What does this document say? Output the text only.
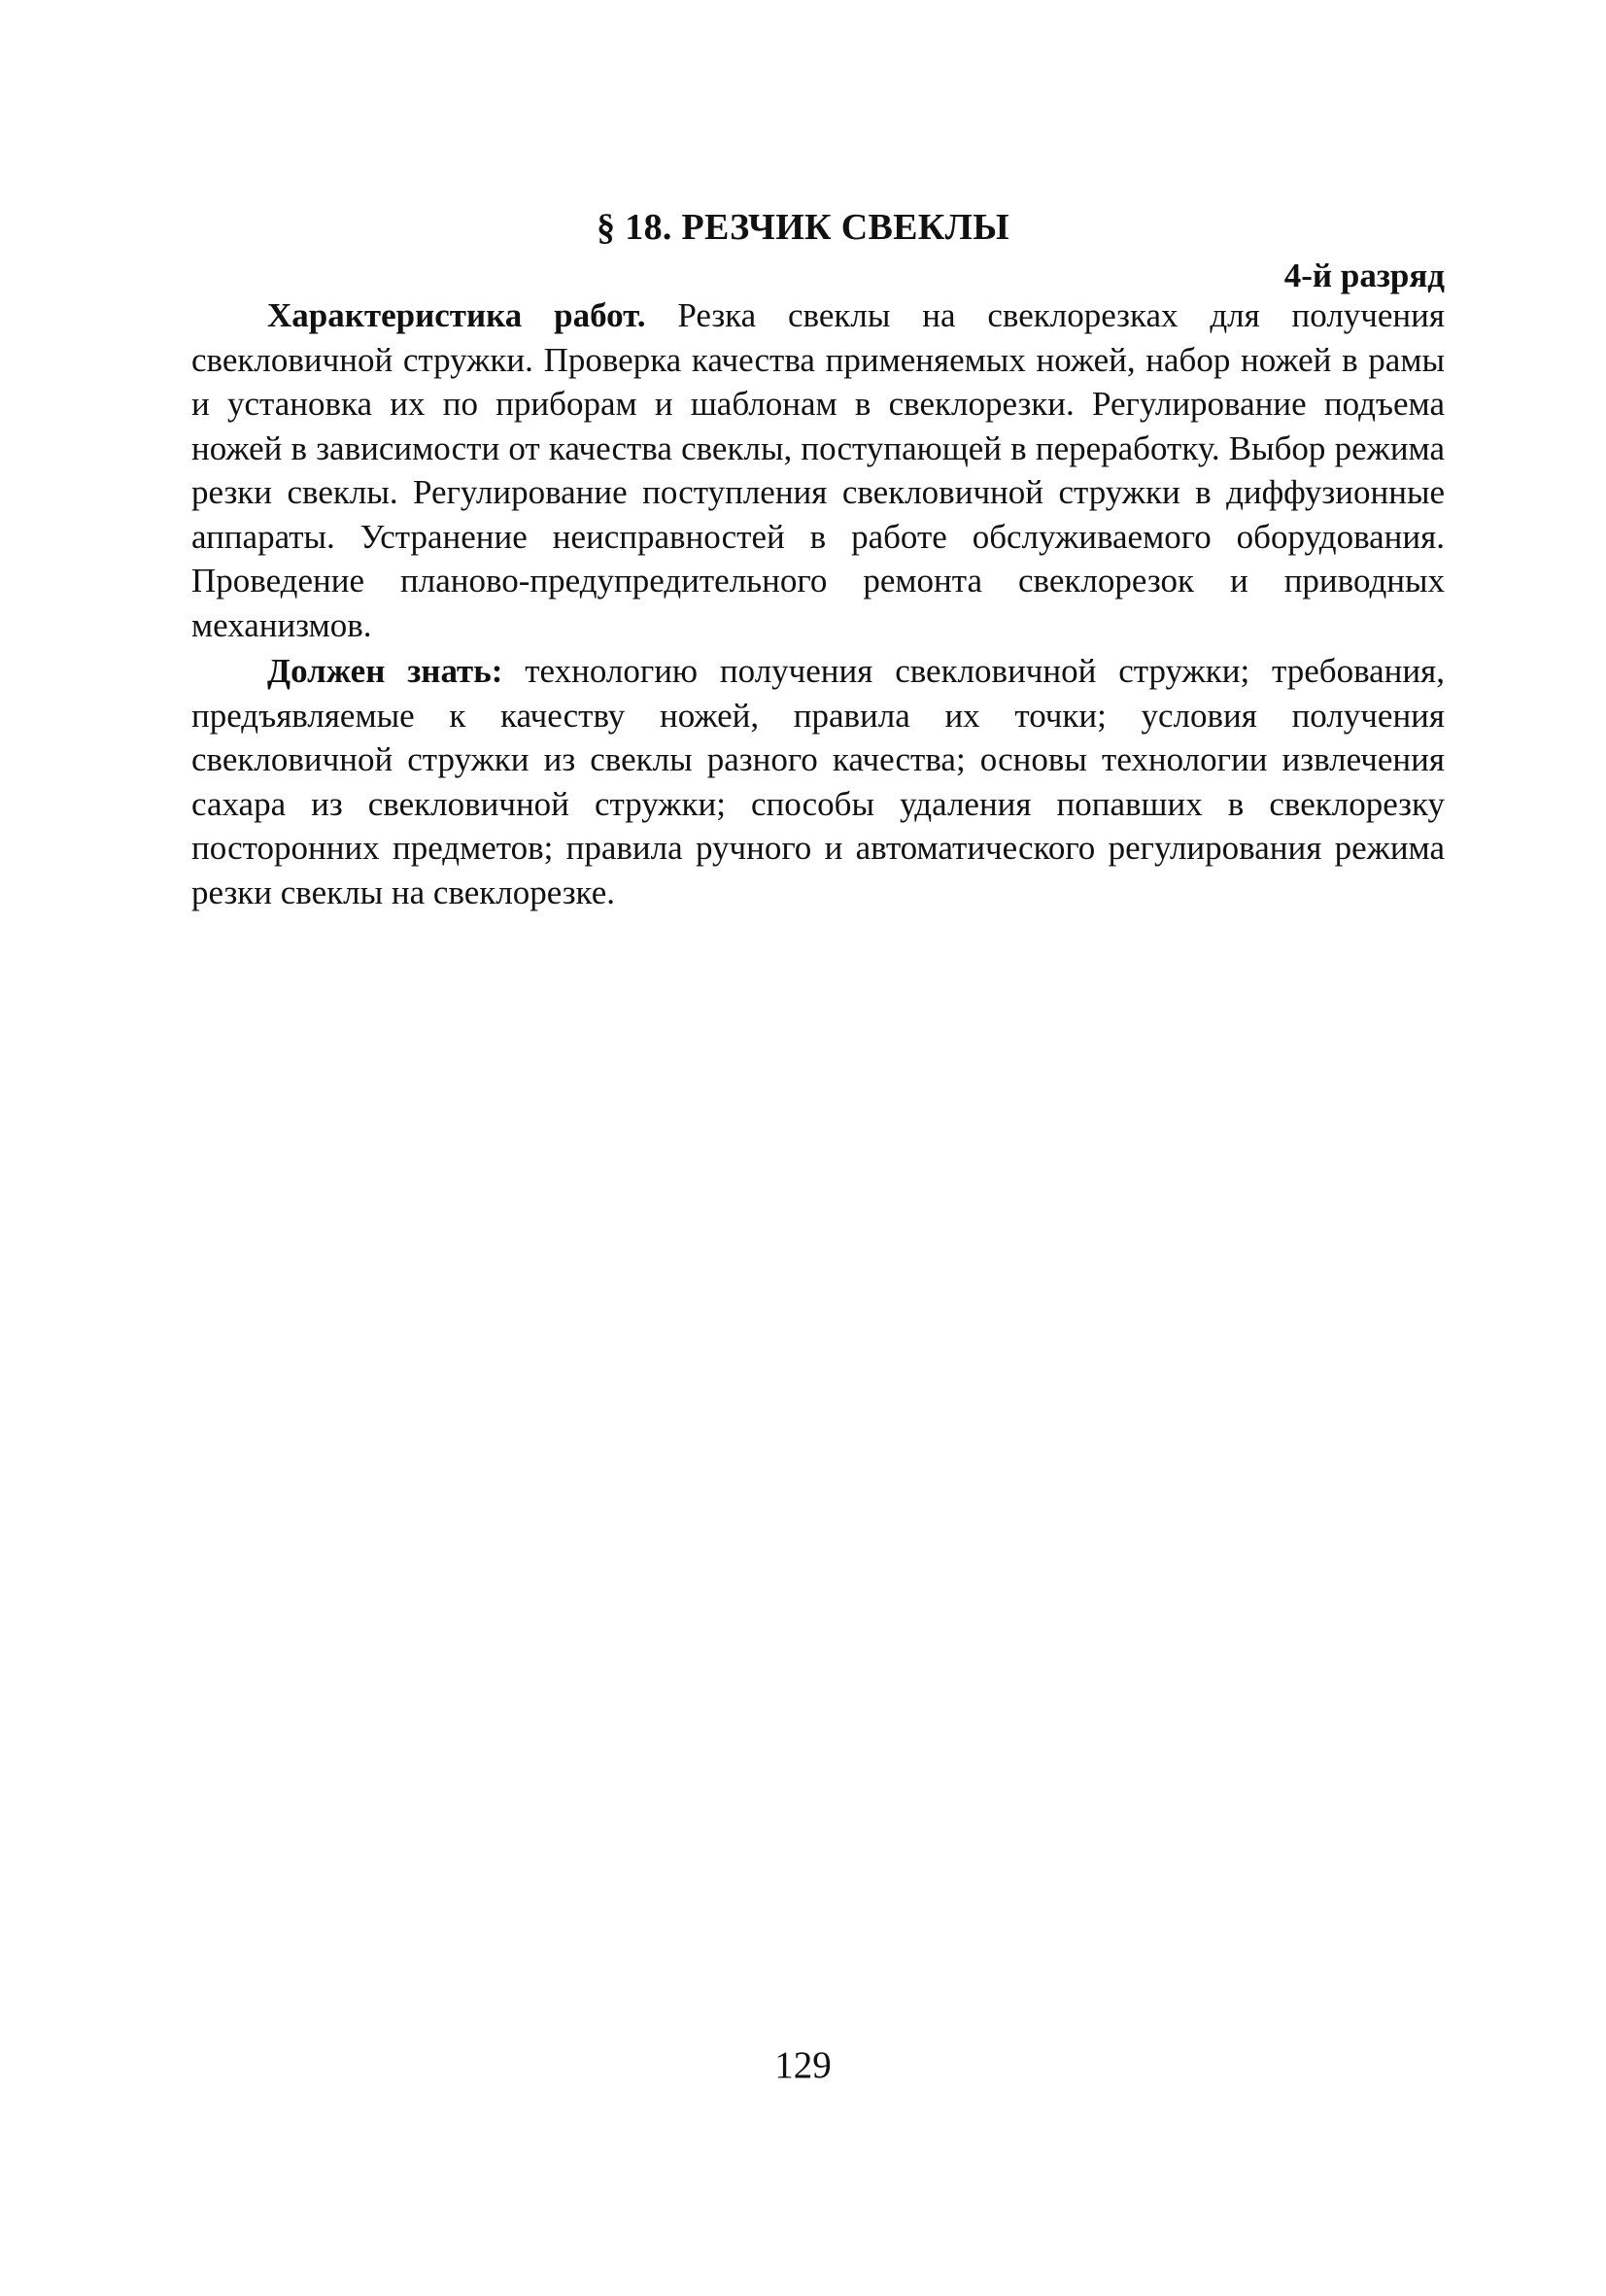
§ 18. РЕЗЧИК СВЕКЛЫ
4-й разряд

Характеристика работ. Резка свеклы на свеклорезках для получения свекловичной стружки. Проверка качества применяемых ножей, набор ножей в рамы и установка их по приборам и шаблонам в свеклорезки. Регулирование подъема ножей в зависимости от качества свеклы, поступающей в переработку. Выбор режима резки свеклы. Регулирование поступления свекловичной стружки в диффузионные аппараты. Устранение неисправностей в работе обслуживаемого оборудования. Проведение планово-предупредительного ремонта свеклорезок и приводных механизмов.

Должен знать: технологию получения свекловичной стружки; требования, предъявляемые к качеству ножей, правила их точки; условия получения свекловичной стружки из свеклы разного качества; основы технологии извлечения сахара из свекловичной стружки; способы удаления попавших в свеклорезку посторонних предметов; правила ручного и автоматического регулирования режима резки свеклы на свеклорезке.

129
